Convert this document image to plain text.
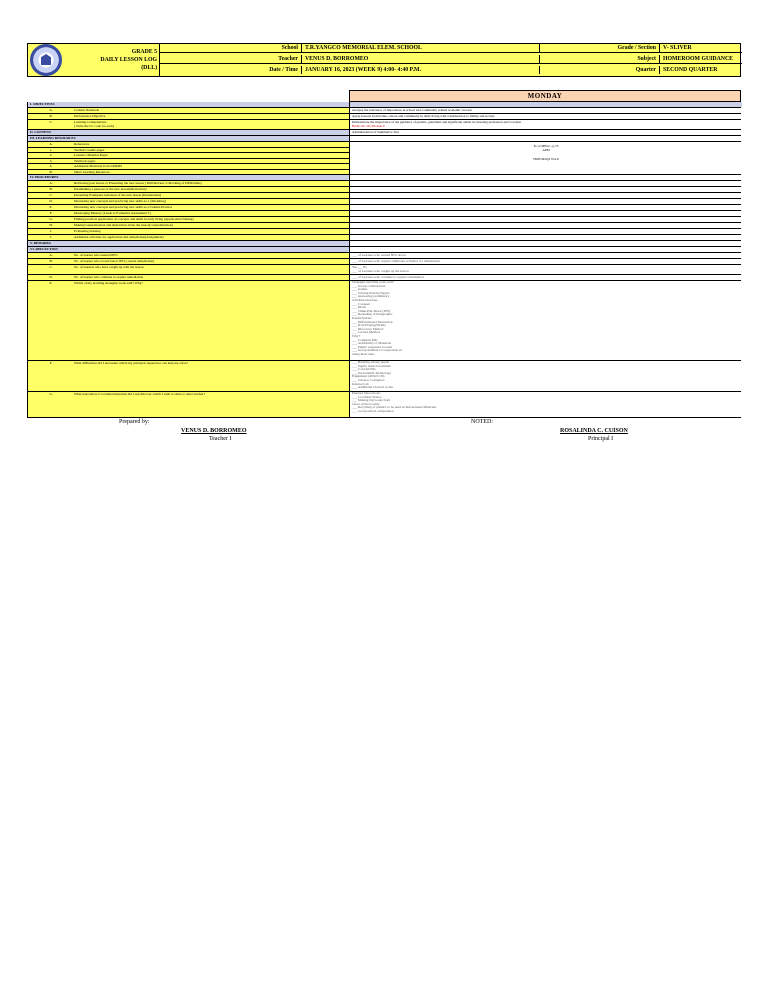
GRADE 5
DAILY LESSON LOG
(DLL)
School	T.R.YANGCO MEMORIAL ELEM. SCHOOL	Grade / Section	V- SLIVER
Teacher	VENUS D. BORROMEO	Subject	HOMEROOM GUIDANCE
Date / Time	JANUARY 16, 2023 (WEEK 9) 4:00- 4:40 P.M.	Quarter	SECOND QUARTER
MONDAY
I. OBJECTIVES
A.	Content Standards	Analyze the relevance of importance in school and community related academic success
B.	Performance Objective	Apply lessons from home, school and community in daily living with consideration to family and society
C.	Learning Competencies
( Write the LC code for each)
Demonstrate the importance of the guidance of parents, guardians and significant adults in choosing profession and vocation
HGIC-IIc-16; Module 9
II. CONTENT	Administration of Summative Test
III. LEARNING RESOURCES
A.	References
1.	Teacher's Guide pages
2.	Learner's Material Pages
3.	Textbook pages
4.	Additional Materials from LRDMS
B.	Other Learning Resources
K-12 MELC, p.73
APM
HGB M2Q2 W4-6
IV. PROCEDURES
A.	Reviewing past lesson or Presenting the new lesson ( Drill/Review/ Unlocking of Difficulties)
B.	Establishing a purpose of the new lesson(Motivation)
C.	Presenting Examples/ instances of the new lesson (Presentation)
D.	Discussing new concepts and practicing new skills no.1 (Modeling)
E.	Discussing new concepts and practicing new skills no.2 Guided Practice
F.	Developing Mastery (Leads to Formative Assessment 3 )
G.	Finding practical application of concepts and skills in daily living (Application/Valuing)
H.	Making Generalization and abstraction about the lesson( Generalization)
I.	Evaluating learning
J.	Additional activities for application and remediation(Assignment)
V. REMARKS
VI. REFLECTION
A.	No. of learner who learned 80%	___ of Learners who earned 80% above
B.	No. of learner who scored below 80% ( needs remediation)	___ of Learners who require additional activities for remediation
C.	No. of learners who have caught up with the lesson	Yes ___No
___ of Learners who caught up the lesson
D.	No. of learner who continue to require remediation	___ of Learners who continue to require remediation
E.	Which of my teaching strategies work well? Why?	Strategies used that work well:
___ Group collaboration
___ Games
___ Solving Puzzles/Jigsaw
___ Answering preliminary
activities/exercises
___ Carousel
___ Diads
___ Think-Pair-Share (TPS)
___ Rereading of Paragraphs/
Poems/Stories
___ Differentiated Instruction
___ Role Playing/Drama
___ Discovery Method
___ Lecture Method
Why?
___ Complete IMs
___ Availability of Materials
___ Pupils' eagerness to learn
___ Group member's Cooperation in
doing their tasks
F.	What difficulties did I encounter which my principal /supervisor can help me solve?	___ Bullying among pupils
___ Pupils' behavior/attitude
___ Colorful IMs
___ Unavailable Technology
Equipment (AVR/LCD)
___ Science/ Computer/
Internet Lab
___ Additional Clerical works
G.	What innovation or localized materials did I use/discover which I wish to share to other teacher?	Planned Innovations:
___ Localized Videos
___ Making big books from
views of the locality
___ Recycling of plastics to be used as Instructional Materials
___ local poetical composition
Prepared by:
VENUS D. BORROMEO
Teacher I
NOTED:
ROSALINDA C. CUISON
Principal I
